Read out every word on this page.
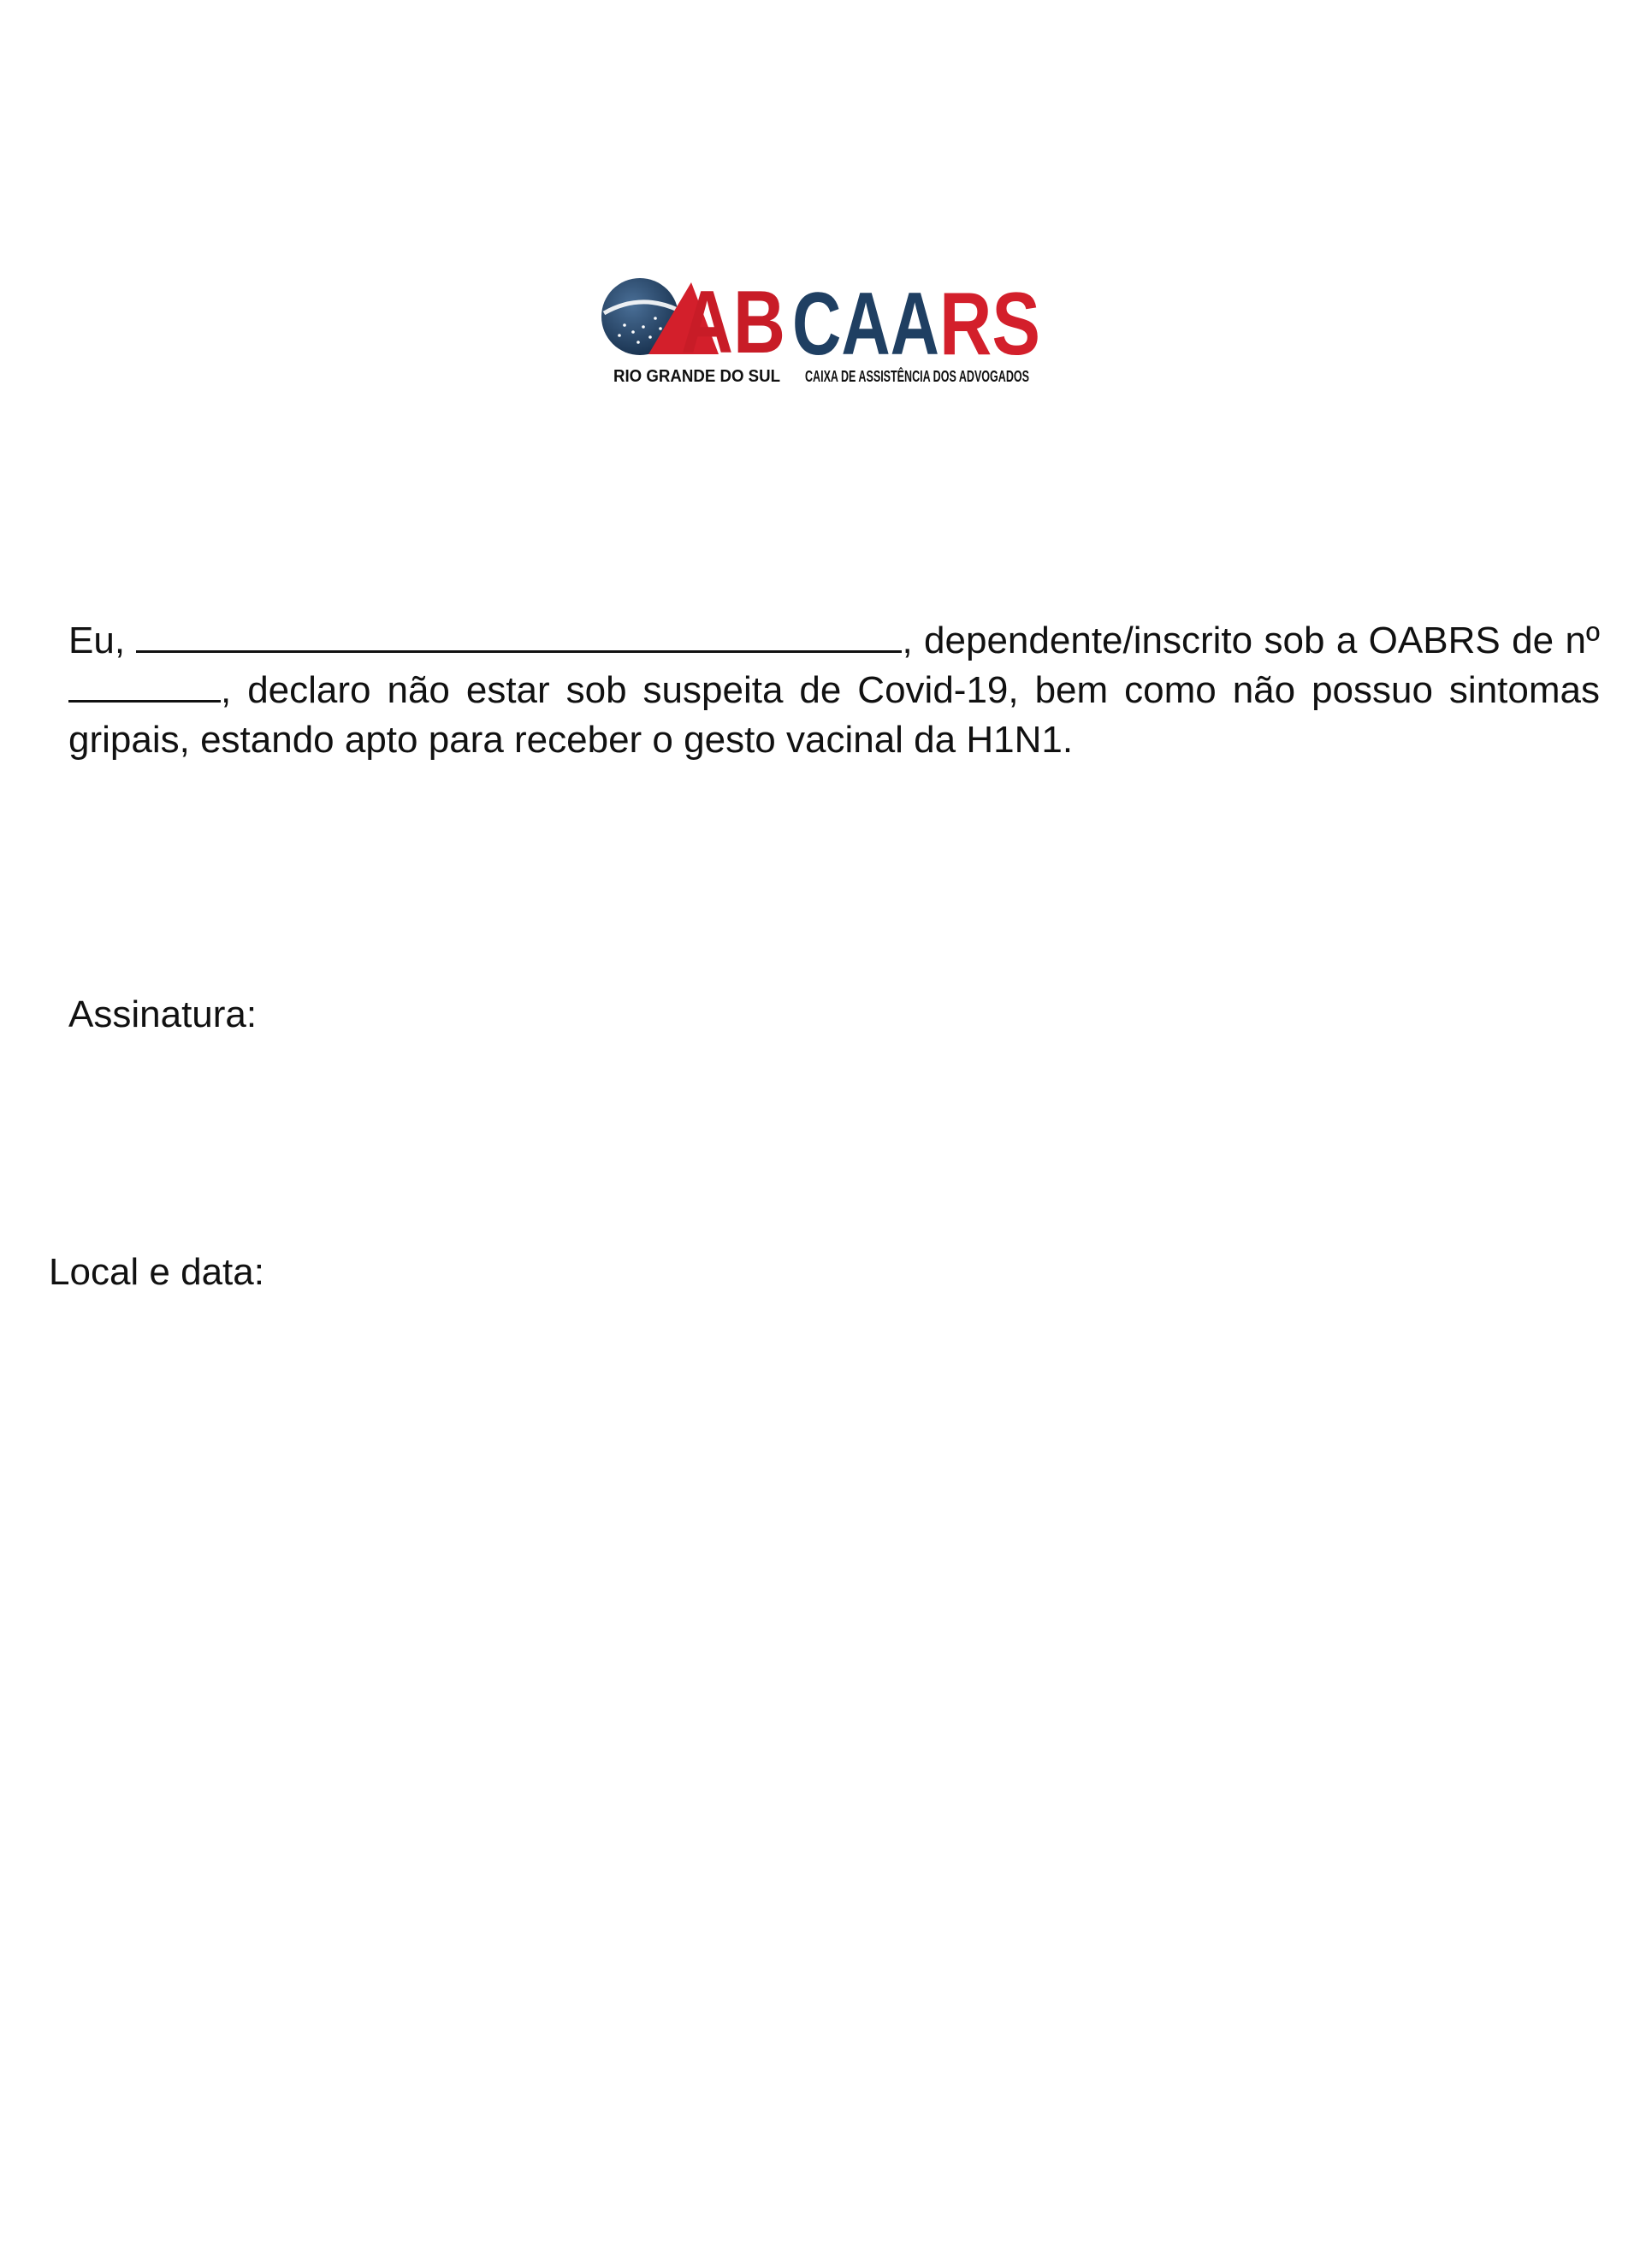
AB CAA RS
RIO GRANDE DO SUL CAIXA DE ASSISTÊNCIA DOS A

Eu,	, dependente/inscrito sob a OABRS de nº , declaro não estar sob suspeita de Covid-19, bem como não possuo sintomas gripais, estando apto para receber o gesto vacinal da H1N1.

Assinatura:

Local e data:
